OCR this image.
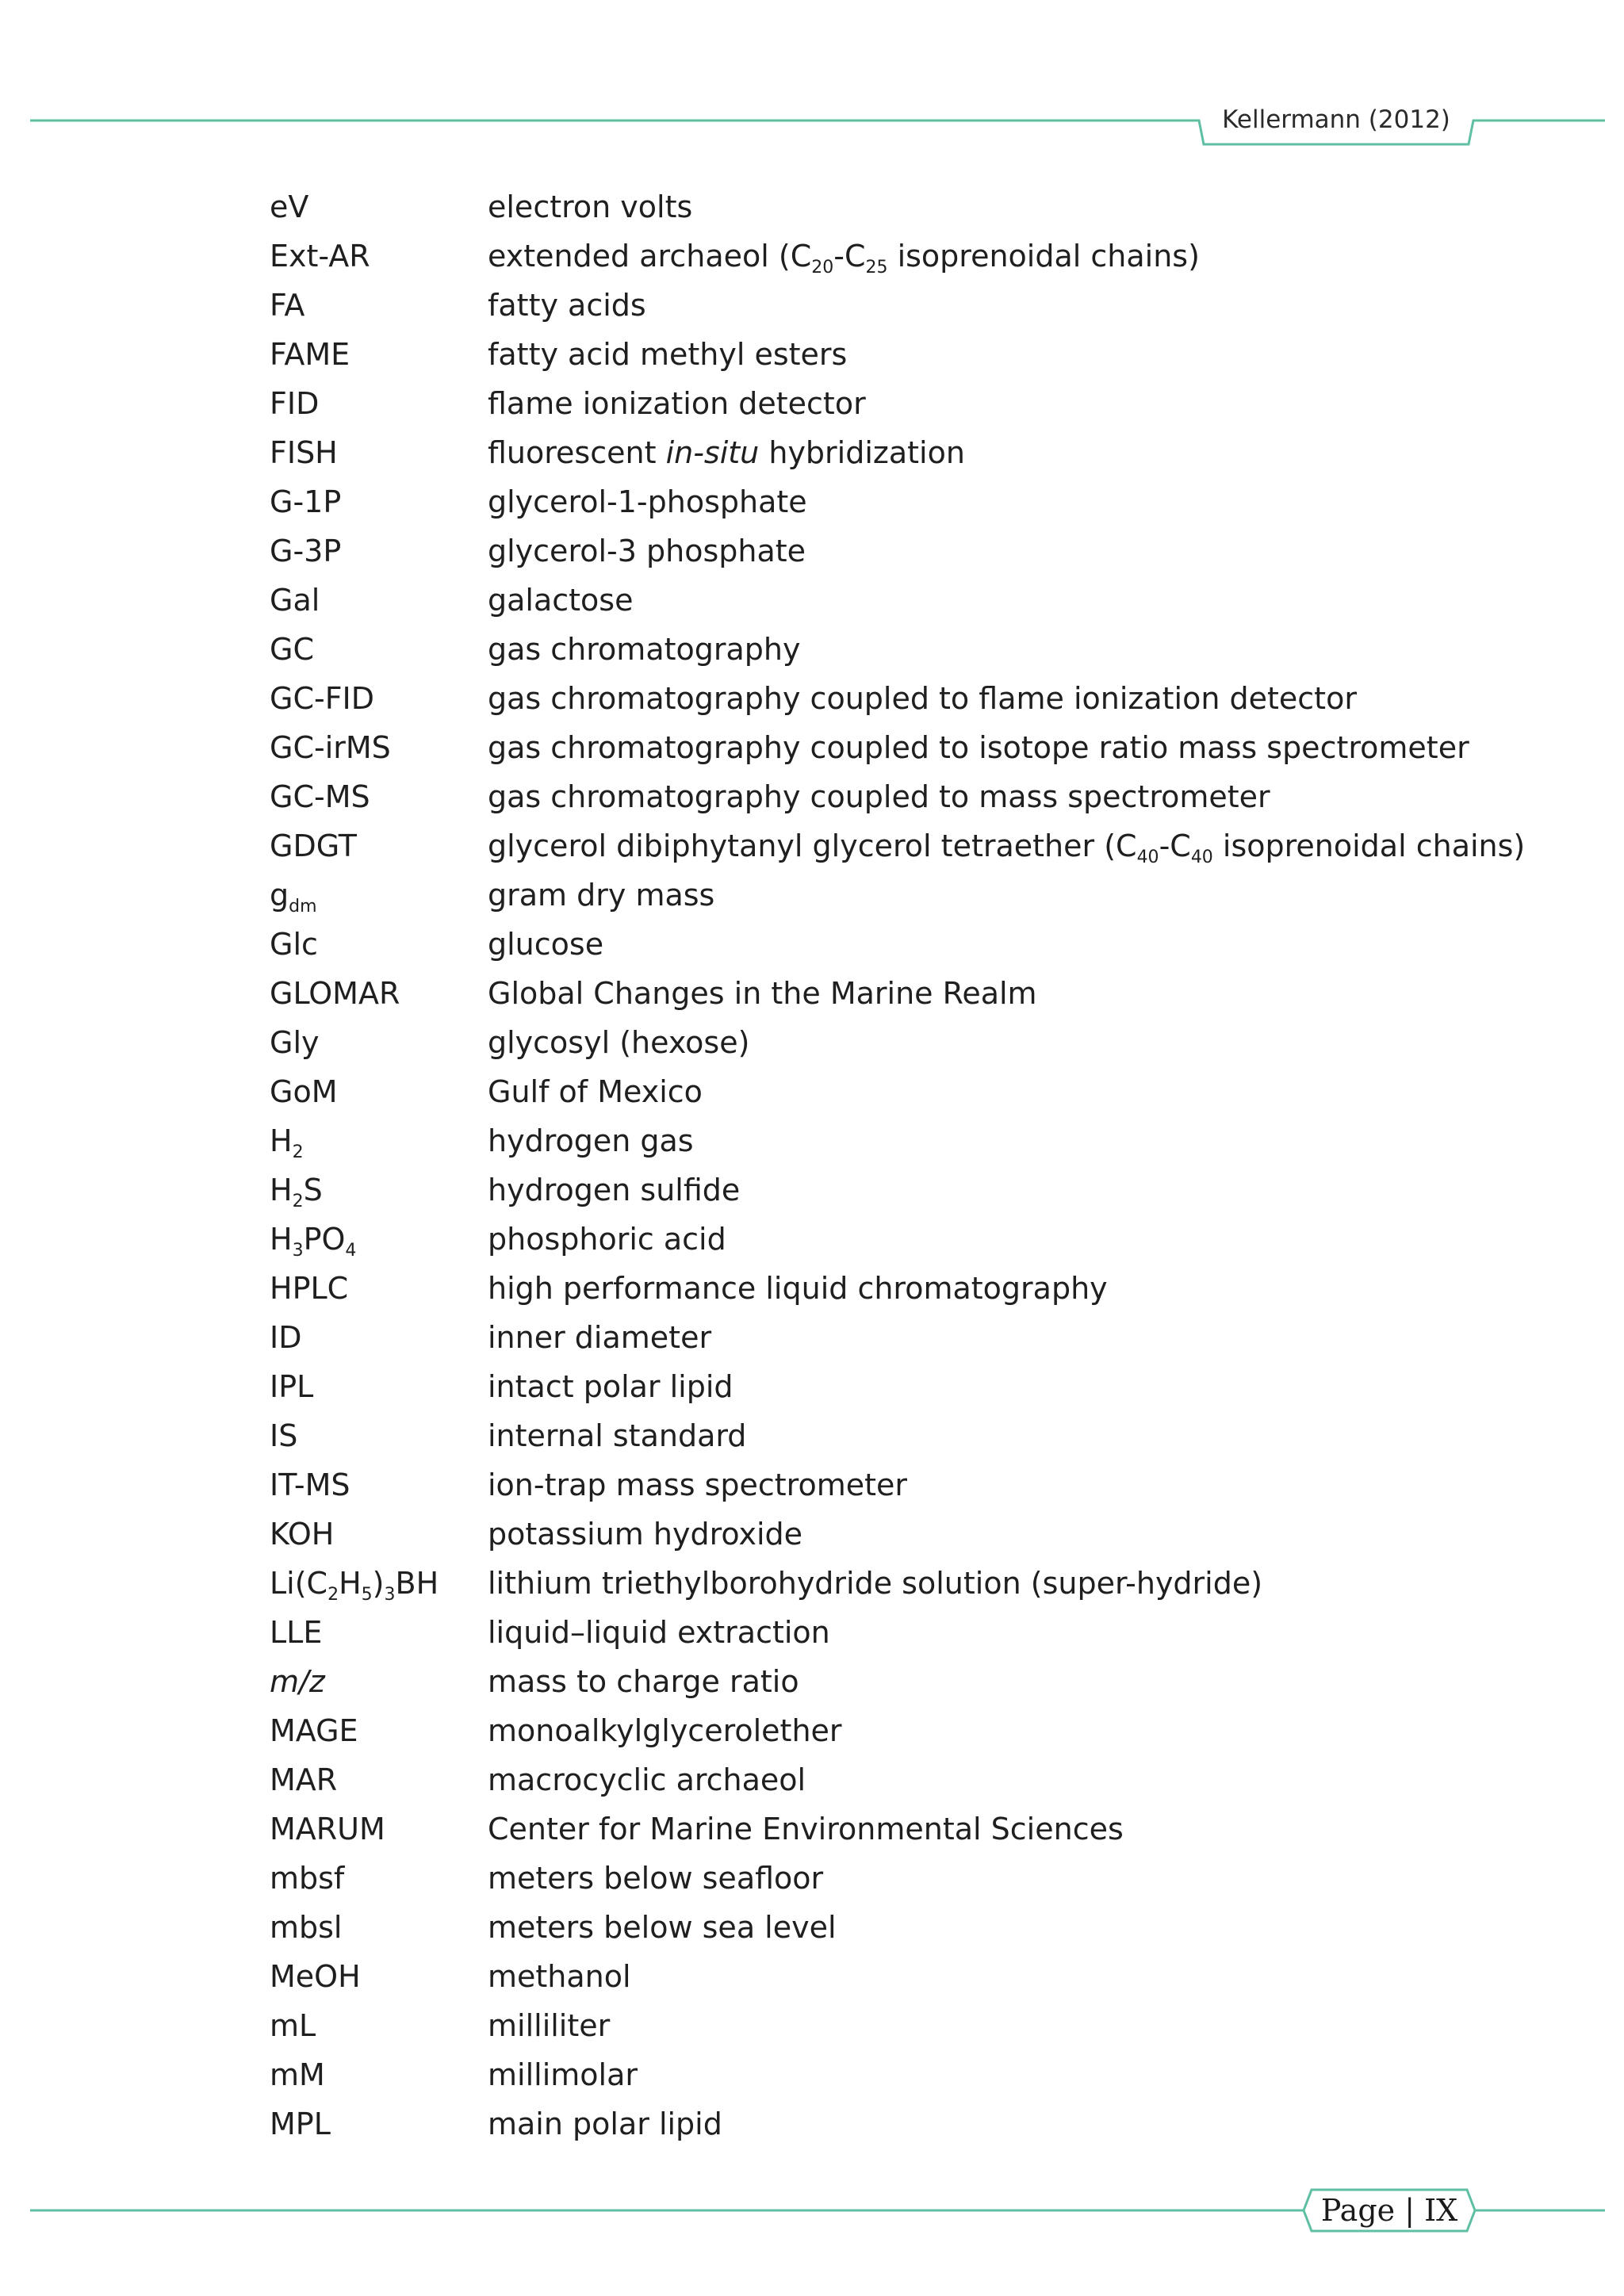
Kellermann (2012)
eV	electron volts
Ext-AR	extended archaeol ($C_{20}-C_{25}$ isoprenoidal chains)
FA	fatty acids
FAME	fatty acid methyl esters
FID	flame ionization detector
FISH	fluorescent in-situ hybridization
G-1P	glycerol-1-phosphate
G-3P	glycerol-3 phosphate
Gal	galactose
GC	gas chromatography
GC-FID	gas chromatography coupled to flame ionization detector
GC-irMS	gas chromatography coupled to isotope ratio mass spectrometer
GC-MS	gas chromatography coupled to mass spectrometer
GDGT	glycerol dibiphytanyl glycerol tetraether ($C_{40}-C_{40}$ isoprenoidal chains)
$g_{dm}$	gram dry mass
Glc	glucose
GLOMAR	Global Changes in the Marine Realm
Gly	glycosyl (hexose)
GoM	Gulf of Mexico
$H_2$	hydrogen gas
$H_2S$	hydrogen sulfide
$H_3PO_4$	phosphoric acid
HPLC	high performance liquid chromatography
ID	inner diameter
IPL	intact polar lipid
IS	internal standard
IT-MS	ion-trap mass spectrometer
KOH	potassium hydroxide
$Li(C_2H_5)_3BH$ lithium triethylborohydride solution (super-hydride)
LLE	liquid–liquid extraction
m/z	mass to charge ratio
MAGE	monoalkylglycerolether
MAR	macrocyclic archaeol
MARUM	Center for Marine Environmental Sciences
mbsf	meters below seafloor
mbsl	meters below sea level
MeOH	methanol
mL	milliliter
mM	millimolar
MPL	main polar lipid
Page | IX
